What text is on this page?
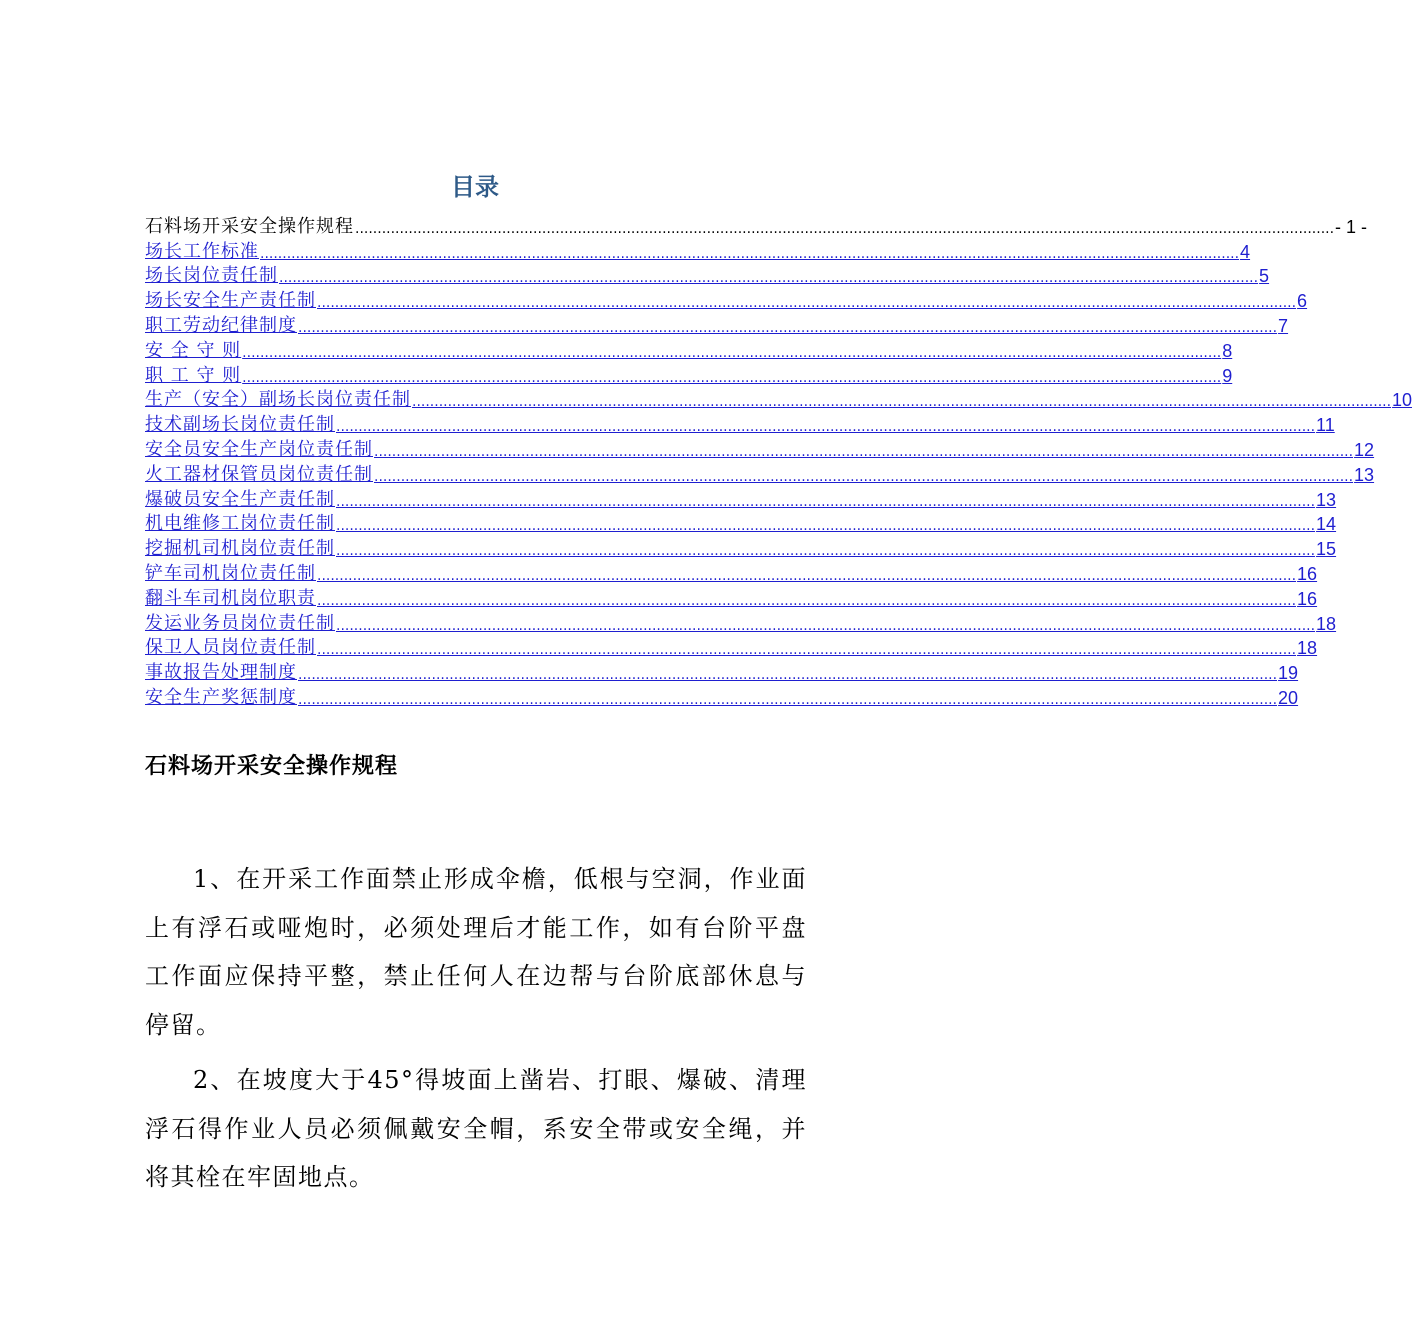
目录
石料场开采安全操作规程 ............................................................................................................................................................................................................................ - 1 -
场长工作标准 ............................................................................................................................................................................................................................ 4
场长岗位责任制 ............................................................................................................................................................................................................................ 5
场长安全生产责任制 ............................................................................................................................................................................................................................ 6
职工劳动纪律制度 ............................................................................................................................................................................................................................ 7
安 全 守 则 ............................................................................................................................................................................................................................ 8
职 工 守 则 ............................................................................................................................................................................................................................ 9
生产（安全）副场长岗位责任制 ............................................................................................................................................................................................................................ 10
技术副场长岗位责任制 ............................................................................................................................................................................................................................ 11
安全员安全生产岗位责任制 ............................................................................................................................................................................................................................ 12
火工器材保管员岗位责任制 ............................................................................................................................................................................................................................ 13
爆破员安全生产责任制 ............................................................................................................................................................................................................................ 13
机电维修工岗位责任制 ............................................................................................................................................................................................................................ 14
挖掘机司机岗位责任制 ............................................................................................................................................................................................................................ 15
铲车司机岗位责任制 ............................................................................................................................................................................................................................ 16
翻斗车司机岗位职责 ............................................................................................................................................................................................................................ 16
发运业务员岗位责任制 ............................................................................................................................................................................................................................ 18
保卫人员岗位责任制 ............................................................................................................................................................................................................................ 18
事故报告处理制度 ............................................................................................................................................................................................................................ 19
安全生产奖惩制度 ............................................................................................................................................................................................................................ 20
石料场开采安全操作规程

1、在开采工作面禁止形成伞檐，低根与空洞，作业面上有浮石或哑炮时，必须处理后才能工作，如有台阶平盘工作面应保持平整，禁止任何人在边帮与台阶底部休息与停留。

2、在坡度大于45°得坡面上凿岩、打眼、爆破、清理浮石得作业人员必须佩戴安全帽，系安全带或安全绳，并将其栓在牢固地点。
